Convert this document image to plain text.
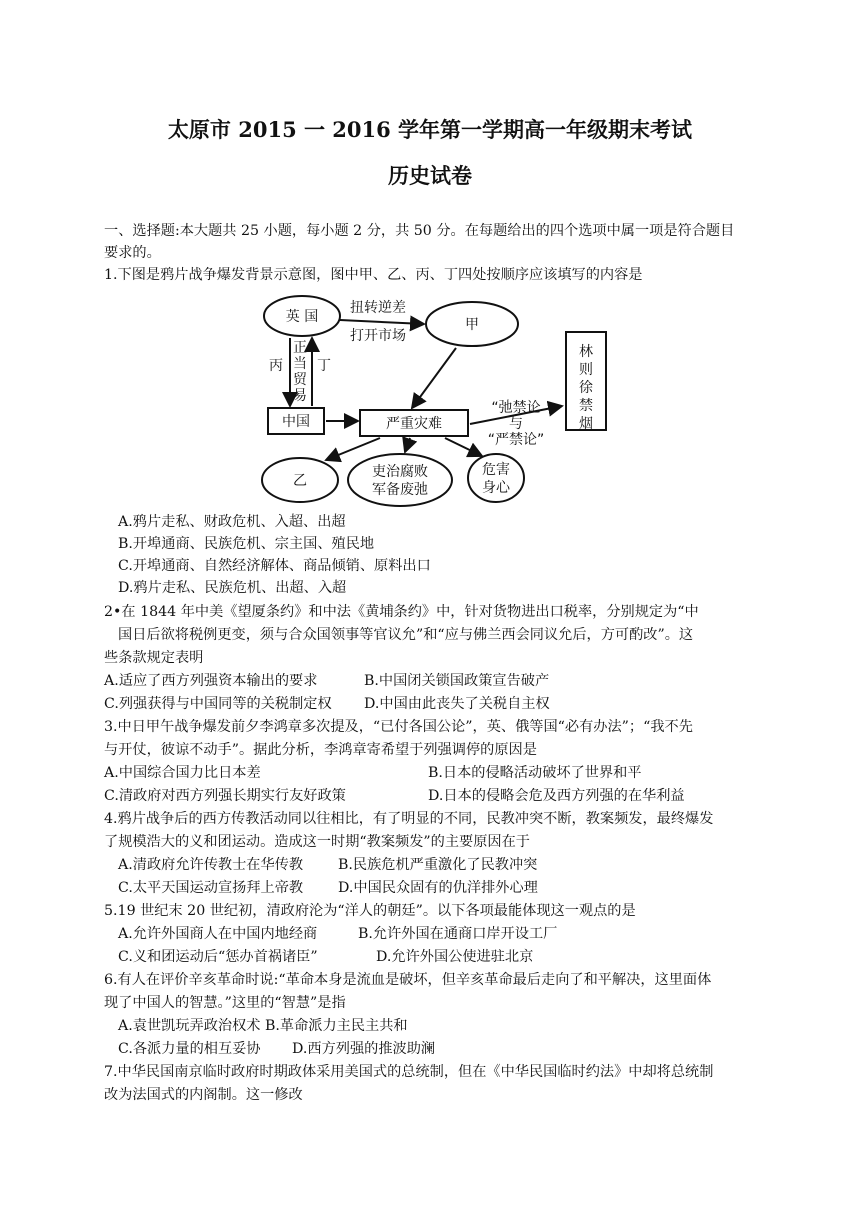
太原市 2015 一 2016 学年第一学期高一年级期末考试
历史试卷
一、选择题:本大题共 25 小题，每小题 2 分，共 50 分。在每题给出的四个选项中属一项是符合题目
要求的。
1.下图是鸦片战争爆发背景示意图，图中甲、乙、丙、丁四处按顺序应该填写的内容是
英 国	甲
扭转逆差
打开市场
丙 丁
正
当
贸
易
中国	严重灾难
“弛禁论
与
“严禁论”
林
则
徐
禁
烟
乙
吏治腐败
军备废弛
危害
身心
A.鸦片走私、财政危机、入超、出超
B.开埠通商、民族危机、宗主国、殖民地
C.开埠通商、自然经济解体、商品倾销、原料出口
D.鸦片走私、民族危机、出超、入超
2•在 1844 年中美《望厦条约》和中法《黄埔条约》中，针对货物进出口税率，分别规定为“中
国日后欲将税例更变，须与合众国领事等官议允”和“应与佛兰西会同议允后，方可酌改”。这
些条款规定表明
A.适应了西方列强资本输出的要求	B.中国闭关锁国政策宣告破产
C.列强获得与中国同等的关税制定权 D.中国由此丧失了关税自主权
3.中日甲午战争爆发前夕李鸿章多次提及，“已付各国公论”，英、俄等国“必有办法”；“我不先
与开仗，彼谅不动手”。据此分析，李鸿章寄希望于列强调停的原因是
A.中国综合国力比日本差	B.日本的侵略活动破坏了世界和平
C.清政府对西方列强长期实行友好政策	D.日本的侵略会危及西方列强的在华利益
4.鸦片战争后的西方传教活动同以往相比，有了明显的不同，民教冲突不断，教案频发，最终爆发
了规模浩大的义和团运动。造成这一时期“教案频发”的主要原因在于
A.清政府允许传教士在华传教 B.民族危机严重激化了民教冲突
C.太平天国运动宣扬拜上帝教 D.中国民众固有的仇洋排外心理
5.19 世纪末 20 世纪初，清政府沦为“洋人的朝廷”。以下各项最能体现这一观点的是
A.允许外国商人在中国内地经商	B.允许外国在通商口岸开设工厂
C.义和团运动后“惩办首祸诸臣”	D.允许外国公使进驻北京
6.有人在评价辛亥革命时说:“革命本身是流血是破坏，但辛亥革命最后走向了和平解决，这里面体
现了中国人的智慧。”这里的“智慧”是指
A.袁世凯玩弄政治权术 B.革命派力主民主共和
C.各派力量的相互妥协 D.西方列强的推波助澜
7.中华民国南京临时政府时期政体采用美国式的总统制，但在《中华民国临时约法》中却将总统制
改为法国式的内阁制。这一修改
